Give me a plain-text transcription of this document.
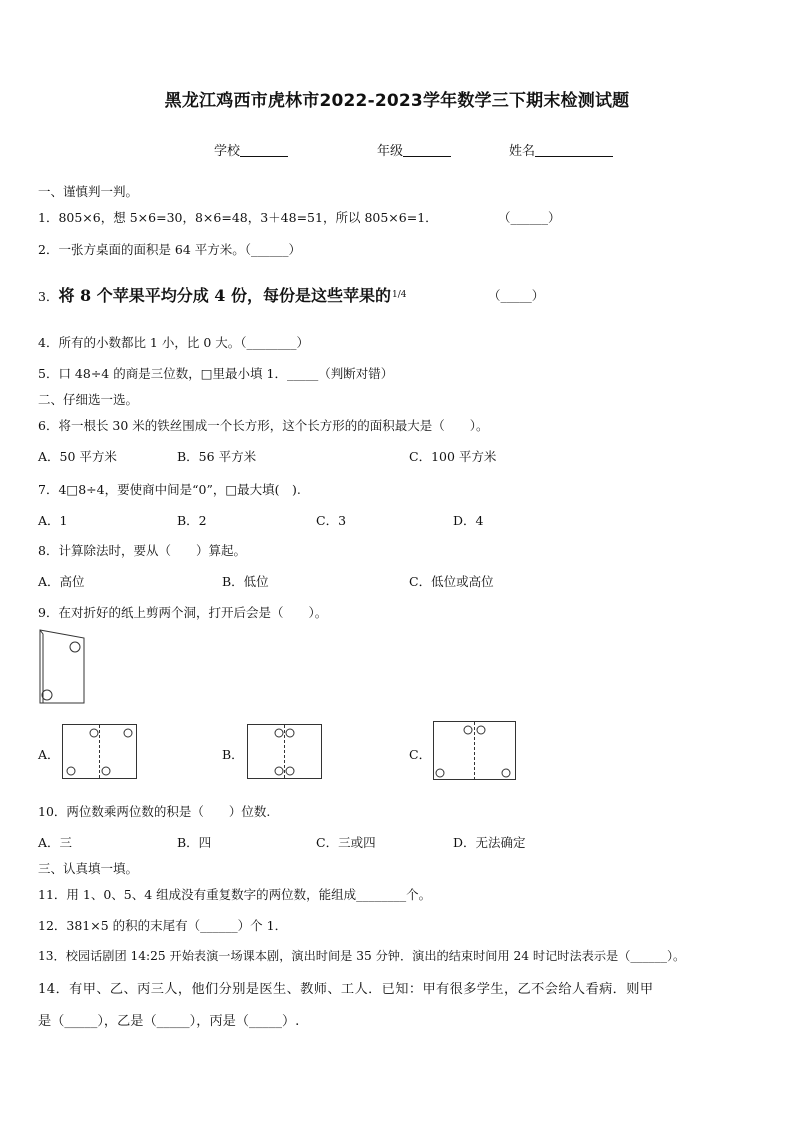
黑龙江鸡西市虎林市2022-2023学年数学三下期末检测试题
学校	年级	姓名
一、谨慎判一判。
1．805×6，想 5×6=30，8×6=48，3＋48=51，所以 805×6=1．	（______）
2．一张方桌面的面积是 64 平方米。（______）
3．将 8 个苹果平均分成 4 份，每份是这些苹果的1/4	（_____）
4．所有的小数都比 1 小，比 0 大。（________）
5．口 48÷4 的商是三位数，□里最小填 1．_____（判断对错）
二、仔细选一选。
6．将一根长 30 米的铁丝围成一个长方形，这个长方形的的面积最大是（　　）。
A．50 平方米	B．56 平方米	C．100 平方米
7．4□8÷4，要使商中间是“0”，□最大填(　).
A．1	B．2	C．3	D．4
8．计算除法时，要从（　　）算起。
A．高位	B．低位	C．低位或高位
9．在对折好的纸上剪两个洞，打开后会是（　　）。
A．	B．	C．
10．两位数乘两位数的积是（　　）位数.
A．三	B．四	C．三或四	D．无法确定
三、认真填一填。
11．用 1、0、5、4 组成没有重复数字的两位数，能组成________个。
12．381×5 的积的末尾有（______）个 1．
13．校园话剧团 14:25 开始表演一场课本剧，演出时间是 35 分钟．演出的结束时间用 24 时记时法表示是（______）。
14．有甲、乙、丙三人，他们分别是医生、教师、工人．已知：甲有很多学生，乙不会给人看病．则甲
是（_____），乙是（_____），丙是（_____）.
